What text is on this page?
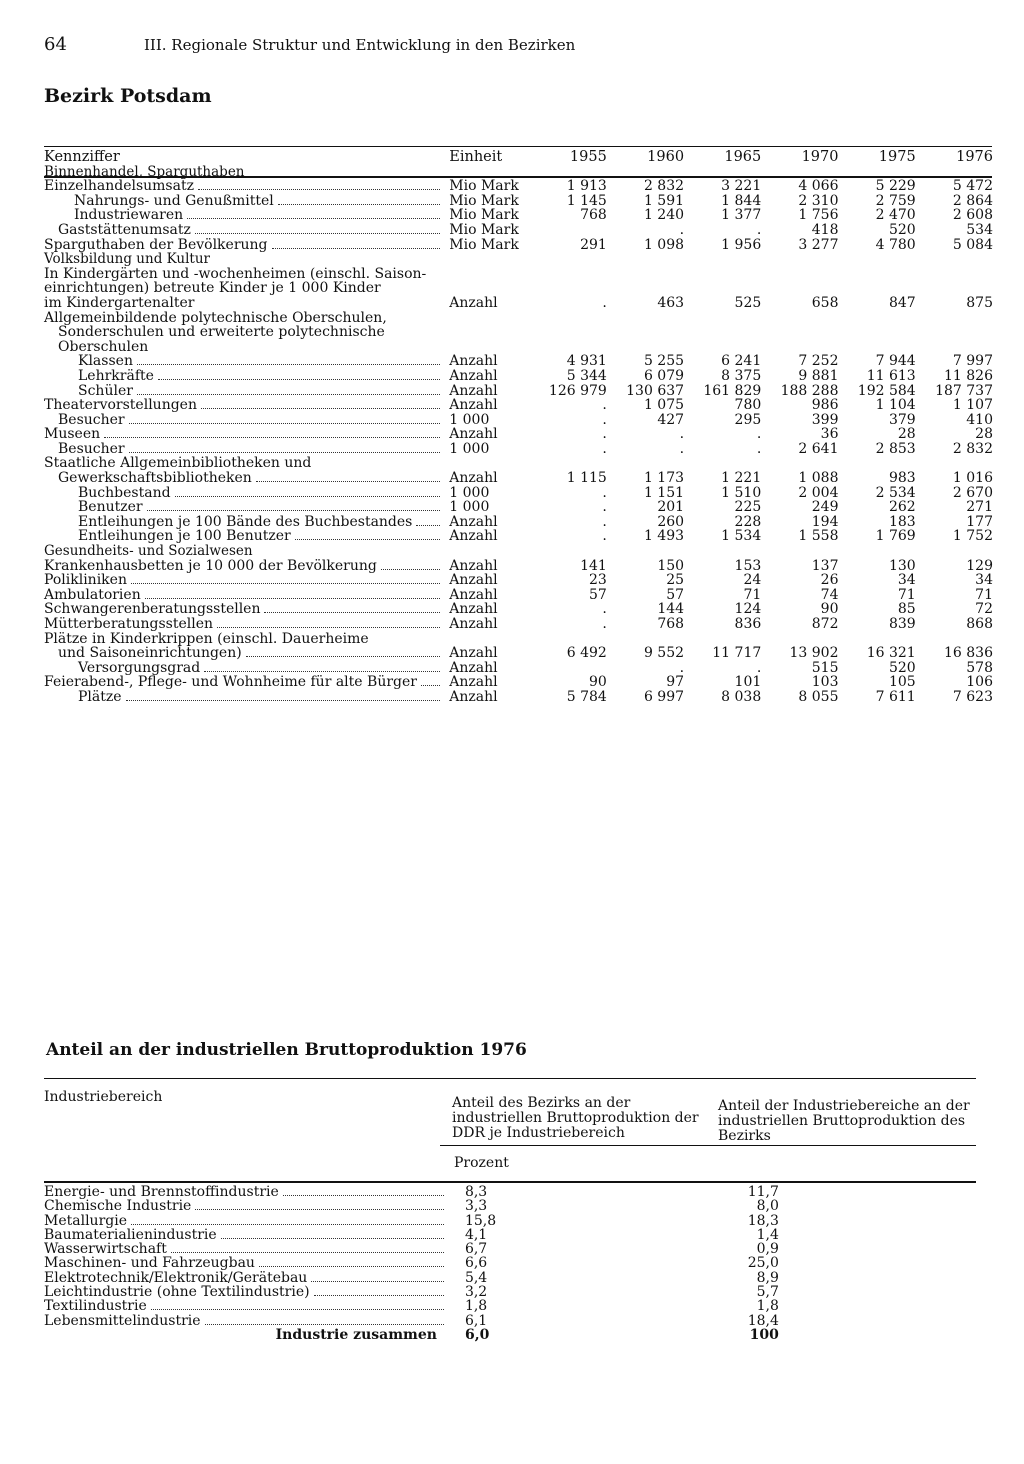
64	III. Regionale Struktur und Entwicklung in den Bezirken
Bezirk Potsdam
Kennziffer	Einheit	1955	1960	1965	1970	1975	1976
Binnenhandel, Sparguthaben							

Einzelhandelsumsatz	Mio Mark	1 913	2 832	3 221	4 066	5 229	5 472

Nahrungs- und Genußmittel	Mio Mark	1 145	1 591	1 844	2 310	2 759	2 864

Industriewaren	Mio Mark	768	1 240	1 377	1 756	2 470	2 608

Gaststättenumsatz	Mio Mark		.	.	418	520	534

Sparguthaben der Bevölkerung	Mio Mark	291	1 098	1 956	3 277	4 780	5 084
Volksbildung und Kultur							

In Kindergärten und -wochenheimen (einschl. Saison-							

einrichtungen) betreute Kinder je 1 000 Kinder							

im Kindergartenalter	Anzahl	.	463	525	658	847	875

Allgemeinbildende polytechnische Oberschulen,							

Sonderschulen und erweiterte polytechnische							

Oberschulen							

Klassen	Anzahl	4 931	5 255	6 241	7 252	7 944	7 997

Lehrkräfte	Anzahl	5 344	6 079	8 375	9 881	11 613	11 826

Schüler	Anzahl	126 979	130 637	161 829	188 288	192 584	187 737

Theatervorstellungen	Anzahl	.	1 075	780	986	1 104	1 107

Besucher	1 000	.	427	295	399	379	410

Museen	Anzahl	.	.	.	36	28	28

Besucher	1 000	.	.	.	2 641	2 853	2 832

Staatliche Allgemeinbibliotheken und							

Gewerkschaftsbibliotheken	Anzahl	1 115	1 173	1 221	1 088	983	1 016

Buchbestand	1 000	.	1 151	1 510	2 004	2 534	2 670

Benutzer	1 000	.	201	225	249	262	271

Entleihungen je 100 Bände des Buchbestandes	Anzahl	.	260	228	194	183	177

Entleihungen je 100 Benutzer	Anzahl	.	1 493	1 534	1 558	1 769	1 752
Gesundheits- und Sozialwesen							

Krankenhausbetten je 10 000 der Bevölkerung	Anzahl	141	150	153	137	130	129

Polikliniken	Anzahl	23	25	24	26	34	34

Ambulatorien	Anzahl	57	57	71	74	71	71

Schwangerenberatungsstellen	Anzahl	.	144	124	90	85	72

Mütterberatungsstellen	Anzahl	.	768	836	872	839	868

Plätze in Kinderkrippen (einschl. Dauerheime							

und Saisoneinrichtungen)	Anzahl	6 492	9 552	11 717	13 902	16 321	16 836

Versorgungsgrad	Anzahl		.	.	515	520	578

Feierabend-, Pflege- und Wohnheime für alte Bürger	Anzahl	90	97	101	103	105	106

Plätze	Anzahl	5 784	6 997	8 038	8 055	7 611	7 623
Anteil an der industriellen Bruttoproduktion 1976
Industriebereich	Anteil des Bezirks an der industriellen Bruttoproduktion der DDR je Industriebereich
Anteil der Industriebereiche an der industriellen Bruttoproduktion des Bezirks
Prozent
Energie- und Brennstoffindustrie	8,3		11,7	

Chemische Industrie	3,3		8,0	

Metallurgie	15,8		18,3	

Baumaterialienindustrie	4,1		1,4	

Wasserwirtschaft	6,7		0,9	

Maschinen- und Fahrzeugbau	6,6		25,0	

Elektrotechnik/Elektronik/Gerätebau	5,4		8,9	

Leichtindustrie (ohne Textilindustrie)	3,2		5,7	

Textilindustrie	1,8		1,8	

Lebensmittelindustrie	6,1		18,4	
Industrie zusammen	6,0		100	
